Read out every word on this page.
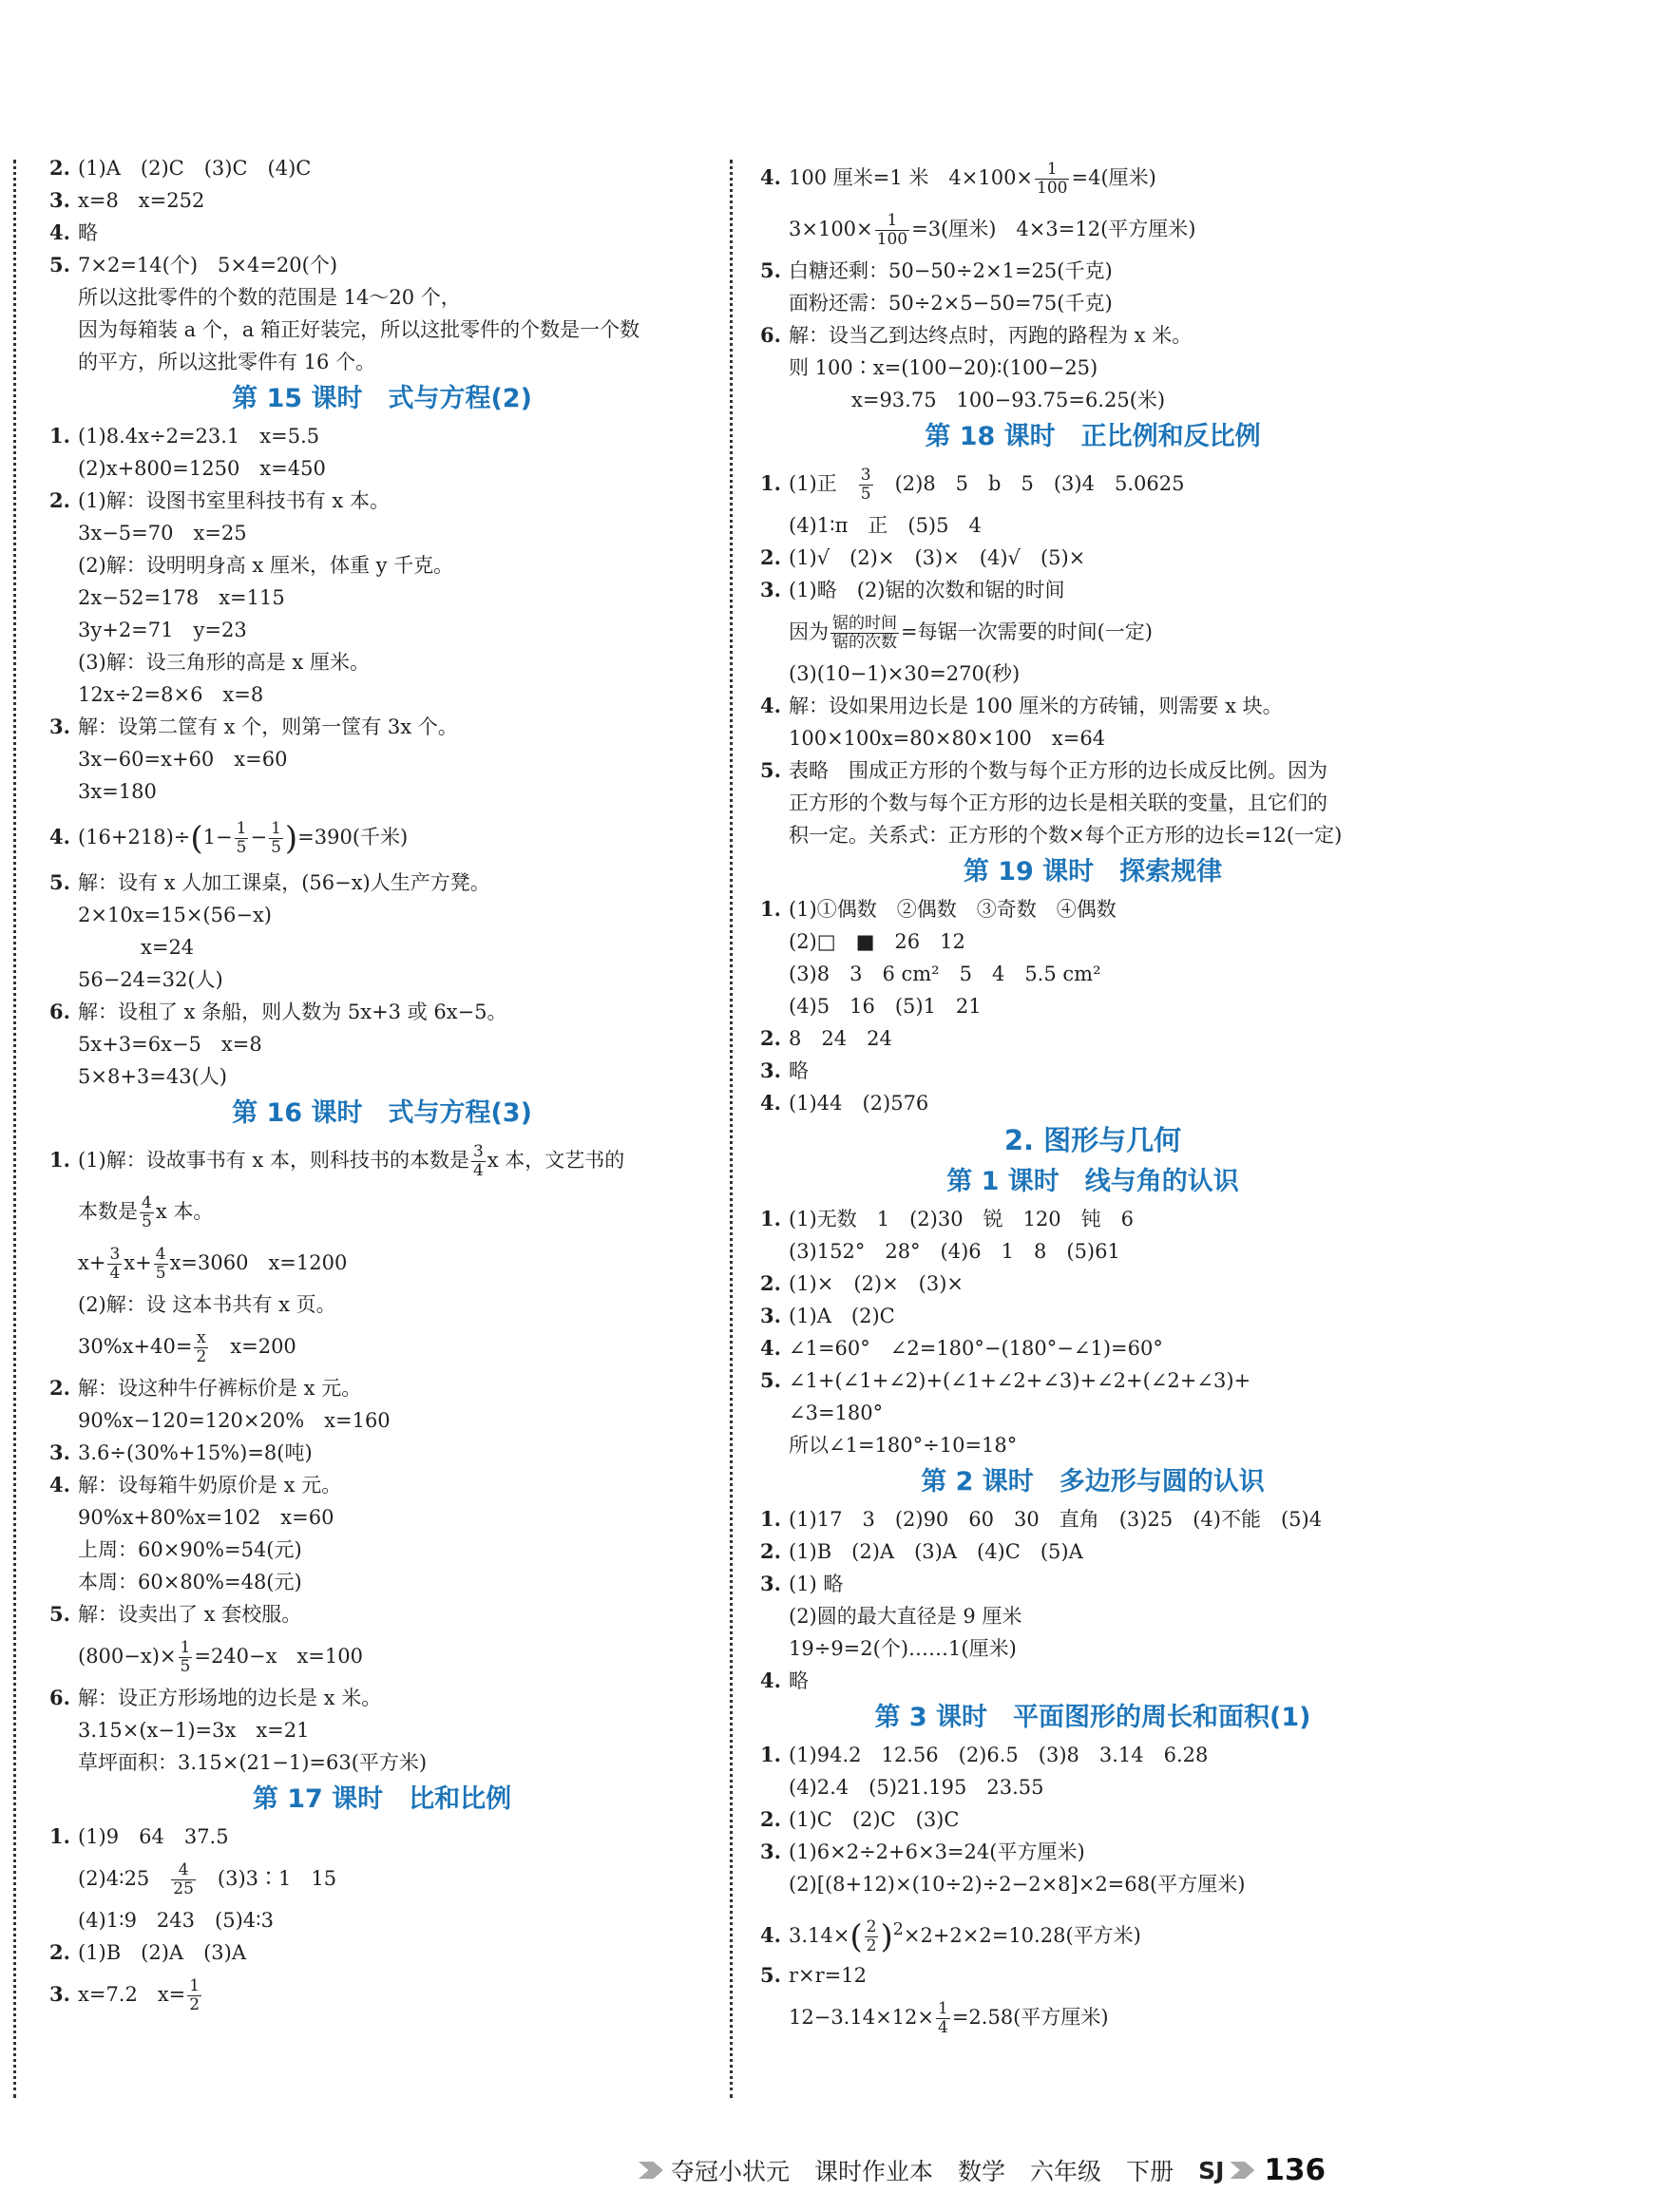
2. (1)A　(2)C　(3)C　(4)C
3. x=8　x=252
4. 略
5. 7×2=14(个)　5×4=20(个)
所以这批零件的个数的范围是 14～20 个，
因为每箱装 a 个，a 箱正好装完，所以这批零件的个数是一个数
的平方，所以这批零件有 16 个。
第 15 课时　式与方程(2)
1. (1)8.4x÷2=23.1　x=5.5
(2)x+800=1250　x=450
2. (1)解：设图书室里科技书有 x 本。
3x−5=70　x=25
(2)解：设明明身高 x 厘米，体重 y 千克。
2x−52=178　x=115
3y+2=71　y=23
(3)解：设三角形的高是 x 厘米。
12x÷2=8×6　x=8
3. 解：设第二筐有 x 个，则第一筐有 3x 个。
3x−60=x+60　x=60
3x=180
4. $(16+218)\div(1- \frac{1}{5} - \frac{1}{5} )=390$(千米)
5. 解：设有 x 人加工课桌，(56−x)人生产方凳。
2×10x=15×(56−x)
x=24
56−24=32(人)
6. 解：设租了 x 条船，则人数为 5x+3 或 6x−5。
5x+3=6x−5　x=8
5×8+3=43(人)
第 16 课时　式与方程(3)
1. (1)解：设故事书有 x 本，则科技书的本数是 $\frac{3}{4}$ x 本，文艺书的
本数是 $\frac{4}{5}$ x 本。
$x+ \frac{3}{4} x+ \frac{4}{5} x=3060$　x=1200
(2)解：设 这本书共有 x 页。
$30\%x+40= \frac{x}{2}$ 　x=200
2. 解：设这种牛仔裤标价是 x 元。
90%x−120=120×20%　x=160
3. 3.6÷(30%+15%)=8(吨)
4. 解：设每箱牛奶原价是 x 元。
90%x+80%x=102　x=60
上周：60×90%=54(元)
本周：60×80%=48(元)
5. 解：设卖出了 x 套校服。
$(800-x)\times \frac{1}{5} =240-x$　x=100
6. 解：设正方形场地的边长是 x 米。
3.15×(x−1)=3x　x=21
草坪面积：3.15×(21−1)=63(平方米)
第 17 课时　比和比例
1. (1)9　64　37.5
(2)4∶25　 $\frac{4}{25}$ 　(3)3∶1　15
(4)1∶9　243　(5)4∶3
2. (1)B　(2)A　(3)A
3. x=7.2　$x= \frac{1}{2}$
4. 100 厘米=1 米　$4\times 100\times \frac{1}{100} =4$(厘米)
$3\times 100\times \frac{1}{100} =3$(厘米)　4×3=12(平方厘米)
5. 白糖还剩：50−50÷2×1=25(千克)
面粉还需：50÷2×5−50=75(千克)
6. 解：设当乙到达终点时，丙跑的路程为 x 米。
则 100∶x=(100−20)∶(100−25)
x=93.75　100−93.75=6.25(米)
第 18 课时　正比例和反比例
1. (1)正　 $\frac{3}{5}$ 　(2)8　5　b　5　(3)4　5.0625
(4)1∶π　正　(5)5　4
2. (1)√　(2)×　(3)×　(4)√　(5)×
3. (1)略　(2)锯的次数和锯的时间
因为 $\frac{\text{锯的时间}}{\text{锯的次数}}$ =每锯一次需要的时间(一定)
(3)(10−1)×30=270(秒)
4. 解：设如果用边长是 100 厘米的方砖铺，则需要 x 块。
100×100x=80×80×100　x=64
5. 表略　围成正方形的个数与每个正方形的边长成反比例。因为
正方形的个数与每个正方形的边长是相关联的变量，且它们的
积一定。关系式：正方形的个数×每个正方形的边长=12(一定)
第 19 课时　探索规律
1. (1)①偶数　②偶数　③奇数　④偶数
(2)□　■　26　12
(3)8　3　6 cm²　5　4　5.5 cm²
(4)5　16　(5)1　21
2. 8　24　24
3. 略
4. (1)44　(2)576
2. 图形与几何
第 1 课时　线与角的认识
1. (1)无数　1　(2)30　锐　120　钝　6
(3)152°　28°　(4)6　1　8　(5)61
2. (1)×　(2)×　(3)×
3. (1)A　(2)C
4. ∠1=60°　∠2=180°−(180°−∠1)=60°
5. ∠1+(∠1+∠2)+(∠1+∠2+∠3)+∠2+(∠2+∠3)+
∠3=180°
所以∠1=180°÷10=18°
第 2 课时　多边形与圆的认识
1. (1)17　3　(2)90　60　30　直角　(3)25　(4)不能　(5)4
2. (1)B　(2)A　(3)A　(4)C　(5)A
3. (1) 略
(2)圆的最大直径是 9 厘米
19÷9=2(个)……1(厘米)
4. 略
第 3 课时　平面图形的周长和面积(1)
1. (1)94.2　12.56　(2)6.5　(3)8　3.14　6.28
(4)2.4　(5)21.195　23.55
2. (1)C　(2)C　(3)C
3. (1)6×2÷2+6×3=24(平方厘米)
(2)[(8+12)×(10÷2)÷2−2×8]×2=68(平方厘米)
4. $3.14\times( \frac{2}{2} )^2\times 2+2\times 2=10.28$(平方米)
5. r×r=12
$12-3.14\times 12\times \frac{1}{4} =2.58$(平方厘米)
夺冠小状元 课时作业本 数学 六年级 下册 SJ 136
